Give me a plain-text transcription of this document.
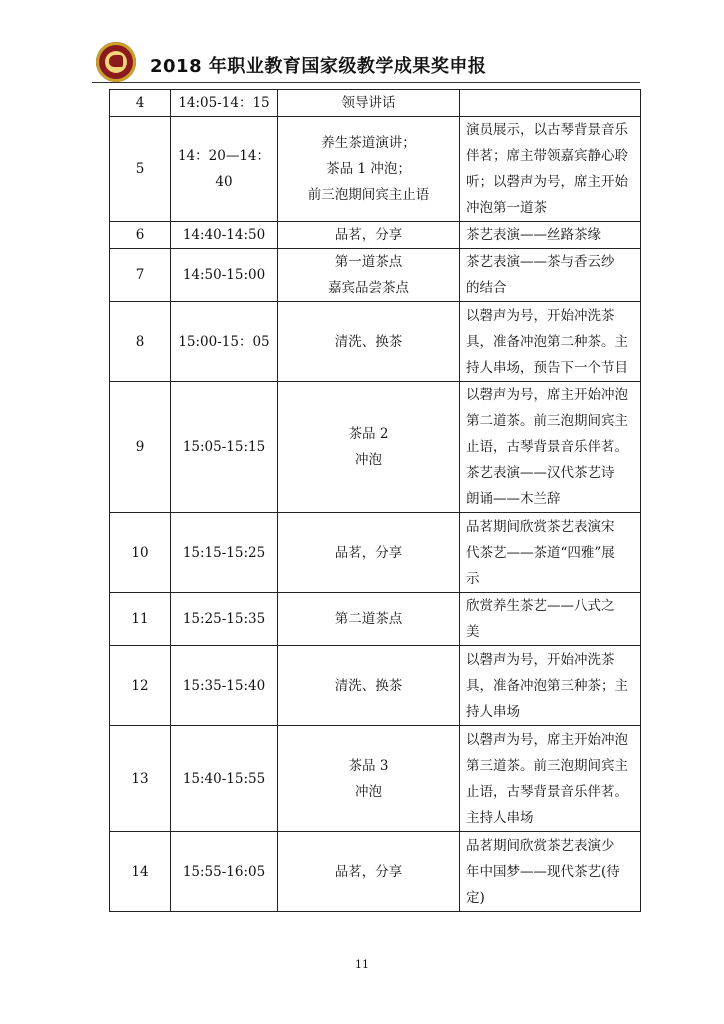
2018 年职业教育国家级教学成果奖申报
4	14:05-14：15	领导讲话	

5	14：20—14：40	养生茶道演讲；
茶品 1 冲泡；
前三泡期间宾主止语	演员展示，以古琴背景音乐
伴茗；席主带领嘉宾静心聆
听；以磬声为号，席主开始
冲泡第一道茶

6	14:40-14:50	品茗，分享	茶艺表演——丝路茶缘

7	14:50-15:00	第一道茶点
嘉宾品尝茶点	茶艺表演——茶与香云纱
的结合

8	15:00-15：05	清洗、换茶	以磬声为号，开始冲洗茶
具，准备冲泡第二种茶。主
持人串场，预告下一个节目

9	15:05-15:15	茶品 2
冲泡	以磬声为号，席主开始冲泡
第二道茶。前三泡期间宾主
止语，古琴背景音乐伴茗。
茶艺表演——汉代茶艺诗
朗诵——木兰辞

10	15:15-15:25	品茗，分享	品茗期间欣赏茶艺表演宋
代茶艺——茶道“四雅”展
示

11	15:25-15:35	第二道茶点	欣赏养生茶艺——八式之
美

12	15:35-15:40	清洗、换茶	以磬声为号，开始冲洗茶
具，准备冲泡第三种茶；主
持人串场

13	15:40-15:55	茶品 3
冲泡	以磬声为号，席主开始冲泡
第三道茶。前三泡期间宾主
止语，古琴背景音乐伴茗。
主持人串场

14	15:55-16:05	品茗，分享	品茗期间欣赏茶艺表演少
年中国梦——现代茶艺(待
定)
11
